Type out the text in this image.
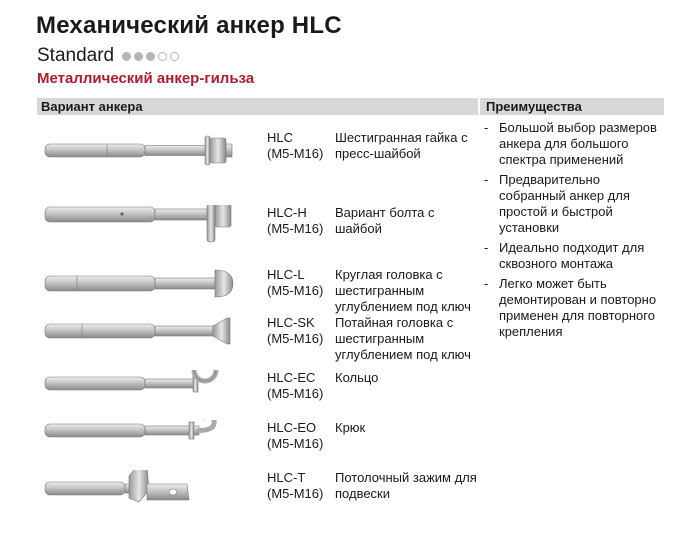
Механический анкер HLC
Standard
Металлический анкер-гильза
Вариант анкера	Преимущества
HLC
(M5-M16)
Шестигранная гайка с пресс-шайбой
HLC-H
(M5-M16)
Вариант болта с шайбой
HLC-L
(M5-M16)
Круглая головка с шестигранным углублением под ключ
HLC-SK
(M5-M16)
Потайная головка с шестигранным углублением под ключ
HLC-EC
(M5-M16)
Кольцо
HLC-EO
(M5-M16)
Крюк
HLC-T
(M5-M16)
Потолочный зажим для подвески
- Большой выбор размеров анкера для большого спектра применений
- Предварительно собранный анкер для простой и быстрой установки
- Идеально подходит для сквозного монтажа
- Легко может быть демонтирован и повторно применен для повторного крепления
